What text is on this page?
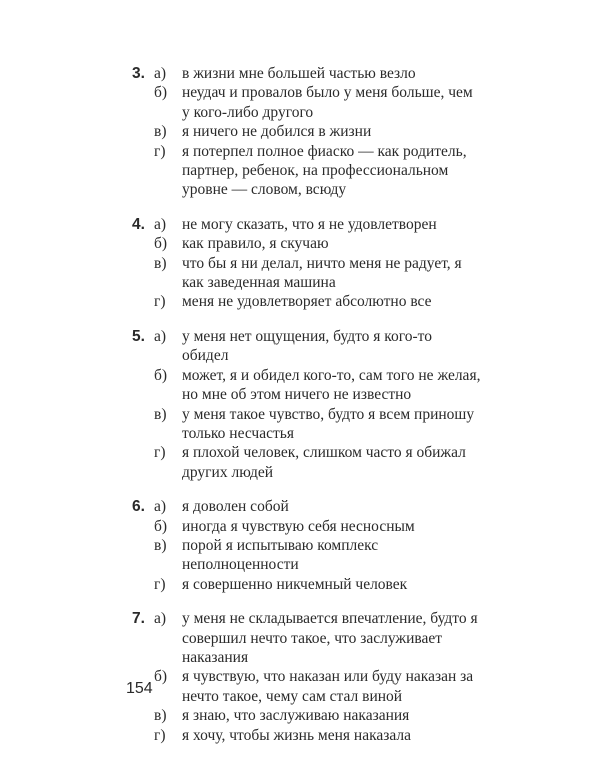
3. а)	в жизни мне большей частью везло
б) неудач и провалов было у меня больше, чем у кого-либо другого
в)	я ничего не добился в жизни
г)	я потерпел полное фиаско — как родитель, партнер, ребенок, на профессиональном уровне — словом, всюду
4. а)	не могу сказать, что я не удовлетворен
б) как правило, я скучаю
в)	что бы я ни делал, ничто меня не радует, я как заведенная машина
г)	меня не удовлетворяет абсолютно все
5. а)	у меня нет ощущения, будто я кого-то обидел
б) может, я и обидел кого-то, сам того не желая, но мне об этом ничего не известно
в)	у меня такое чувство, будто я всем приношу только несчастья
г)	я плохой человек, слишком часто я обижал других людей
6. а)	я доволен собой
б) иногда я чувствую себя несносным
в)	порой я испытываю комплекс неполноценности
г)	я совершенно никчемный человек
7. а)	у меня не складывается впечатление, будто я совершил нечто такое, что заслуживает наказания
б) я чувствую, что наказан или буду наказан за нечто такое, чему сам стал виной
в)	я знаю, что заслуживаю наказания
г)	я хочу, чтобы жизнь меня наказала
154
